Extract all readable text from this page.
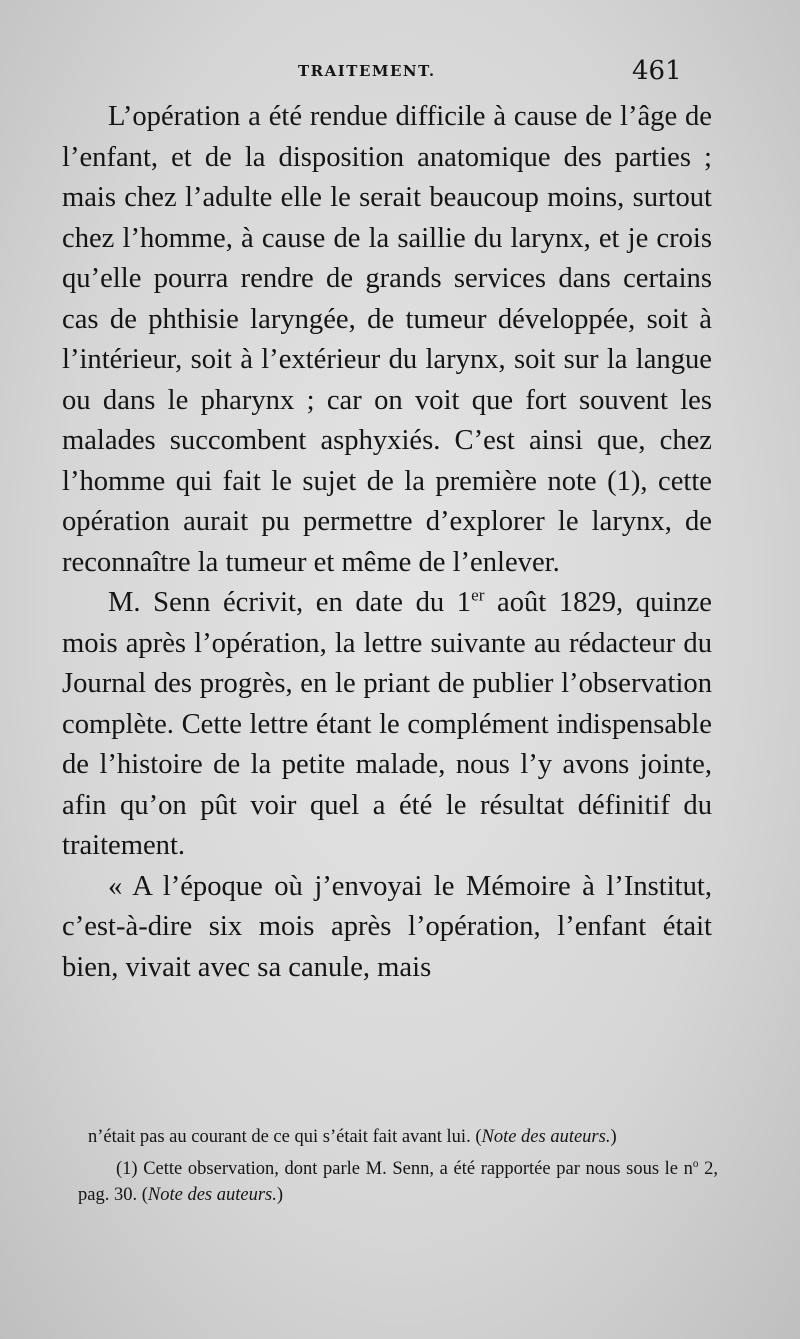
TRAITEMENT.	461

L’opération a été rendue difficile à cause de l’âge de l’enfant, et de la disposition anatomique des parties ; mais chez l’adulte elle le serait beaucoup moins, surtout chez l’homme, à cause de la saillie du larynx, et je crois qu’elle pourra rendre de grands services dans certains cas de phthisie laryngée, de tumeur développée, soit à l’intérieur, soit à l’extérieur du larynx, soit sur la langue ou dans le pharynx ; car on voit que fort souvent les malades succombent asphyxiés. C’est ainsi que, chez l’homme qui fait le sujet de la première note (1), cette opération aurait pu permettre d’explorer le larynx, de reconnaître la tumeur et même de l’enlever.

M. Senn écrivit, en date du 1er août 1829, quinze mois après l’opération, la lettre suivante au rédacteur du Journal des progrès, en le priant de publier l’observation complète. Cette lettre étant le complément indispensable de l’histoire de la petite malade, nous l’y avons jointe, afin qu’on pût voir quel a été le résultat définitif du traitement.

« A l’époque où j’envoyai le Mémoire à l’Institut, c’est-à-dire six mois après l’opération, l’enfant était bien, vivait avec sa canule, mais

n’était pas au courant de ce qui s’était fait avant lui. (Note des auteurs.)

(1) Cette observation, dont parle M. Senn, a été rapportée par nous sous le $n^o$ 2, pag. 30. (Note des auteurs.)
